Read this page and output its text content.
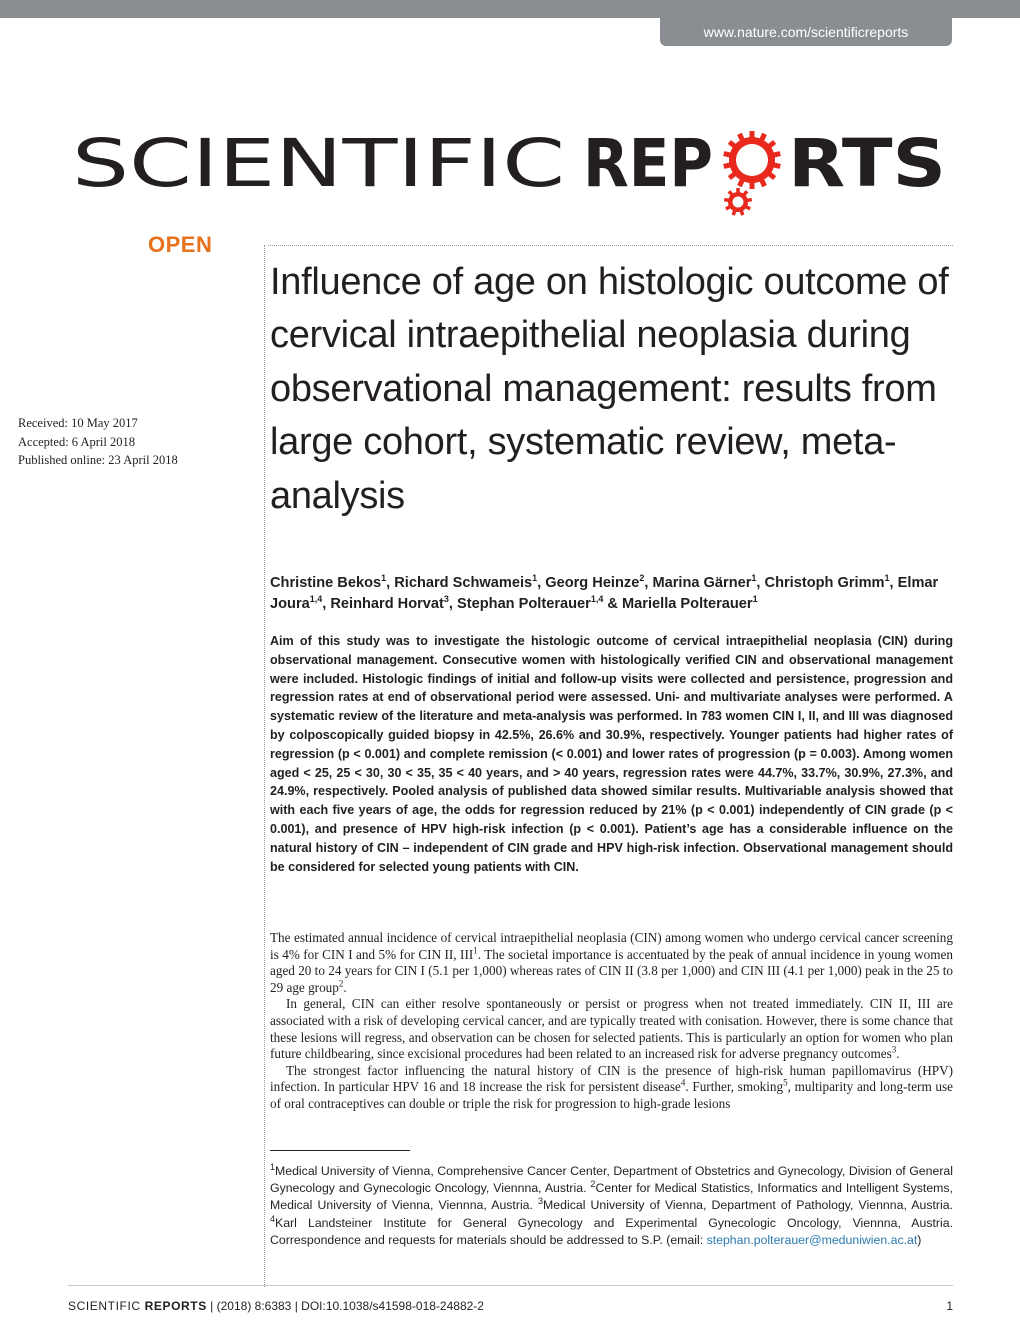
www.nature.com/scientificreports
SCIENTIFIC REP RTS
OPEN
Influence of age on histologic outcome of cervical intraepithelial neoplasia during observational management: results from large cohort, systematic review, meta-analysis
Received: 10 May 2017
Accepted: 6 April 2018
Published online: 23 April 2018
Christine Bekos$^1$, Richard Schwameis$^1$, Georg Heinze$^2$, Marina Gärner$^1$, Christoph Grimm$^1$, Elmar Joura$^{1,4}$, Reinhard Horvat$^3$, Stephan Polterauer$^{1,4}$ & Mariella Polterauer$^1$

Aim of this study was to investigate the histologic outcome of cervical intraepithelial neoplasia (CIN) during observational management. Consecutive women with histologically verified CIN and observational management were included. Histologic findings of initial and follow-up visits were collected and persistence, progression and regression rates at end of observational period were assessed. Uni- and multivariate analyses were performed. A systematic review of the literature and meta-analysis was performed. In 783 women CIN I, II, and III was diagnosed by colposcopically guided biopsy in 42.5%, 26.6% and 30.9%, respectively. Younger patients had higher rates of regression (p < 0.001) and complete remission (< 0.001) and lower rates of progression (p = 0.003). Among women aged < 25, 25 < 30, 30 < 35, 35 < 40 years, and > 40 years, regression rates were 44.7%, 33.7%, 30.9%, 27.3%, and 24.9%, respectively. Pooled analysis of published data showed similar results. Multivariable analysis showed that with each five years of age, the odds for regression reduced by 21% (p < 0.001) independently of CIN grade (p < 0.001), and presence of HPV high-risk infection (p < 0.001). Patient’s age has a considerable influence on the natural history of CIN – independent of CIN grade and HPV high-risk infection. Observational management should be considered for selected young patients with CIN.

The estimated annual incidence of cervical intraepithelial neoplasia (CIN) among women who undergo cervical cancer screening is 4% for CIN I and 5% for CIN II, III$^1$. The societal importance is accentuated by the peak of annual incidence in young women aged 20 to 24 years for CIN I (5.1 per 1,000) whereas rates of CIN II (3.8 per 1,000) and CIN III (4.1 per 1,000) peak in the 25 to 29 age group$^2$.

In general, CIN can either resolve spontaneously or persist or progress when not treated immediately. CIN II, III are associated with a risk of developing cervical cancer, and are typically treated with conisation. However, there is some chance that these lesions will regress, and observation can be chosen for selected patients. This is particularly an option for women who plan future childbearing, since excisional procedures had been related to an increased risk for adverse pregnancy outcomes$^3$.

The strongest factor influencing the natural history of CIN is the presence of high-risk human papillomavirus (HPV) infection. In particular HPV 16 and 18 increase the risk for persistent disease$^4$. Further, smoking$^5$, multiparity and long-term use of oral contraceptives can double or triple the risk for progression to high-grade lesions

$^1$Medical University of Vienna, Comprehensive Cancer Center, Department of Obstetrics and Gynecology, Division of General Gynecology and Gynecologic Oncology, Viennna, Austria. $^2$Center for Medical Statistics, Informatics and Intelligent Systems, Medical University of Vienna, Viennna, Austria. $^3$Medical University of Vienna, Department of Pathology, Viennna, Austria. $^4$Karl Landsteiner Institute for General Gynecology and Experimental Gynecologic Oncology, Viennna, Austria. Correspondence and requests for materials should be addressed to S.P. (email: stephan.polterauer@meduniwien.ac.at)
SCIENTIFIC REPORTS | (2018) 8:6383 | DOI:10.1038/s41598-018-24882-2	1
